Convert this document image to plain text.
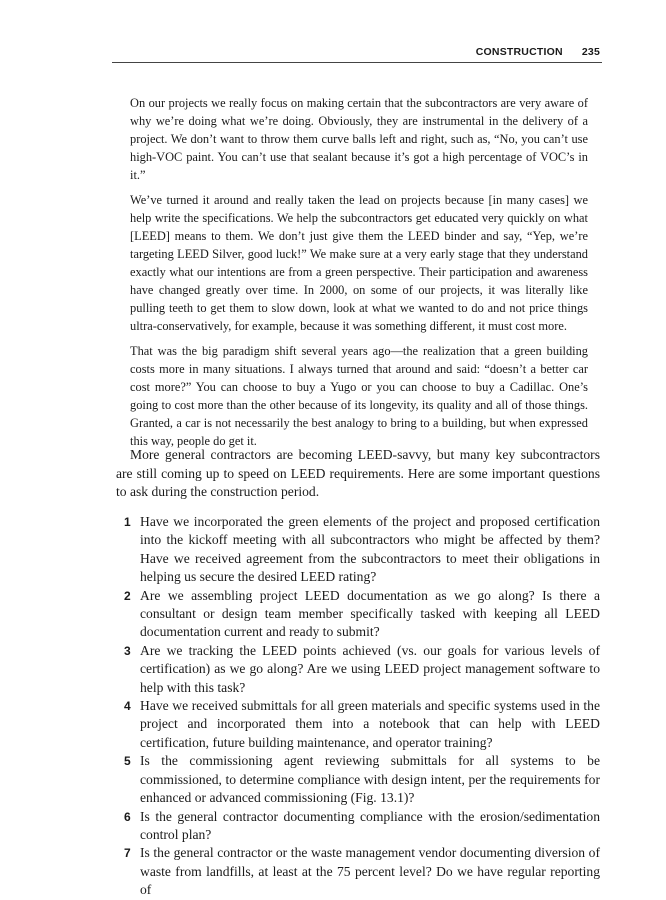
CONSTRUCTION 235

On our projects we really focus on making certain that the subcontractors are very aware of why we’re doing what we’re doing. Obviously, they are instrumental in the delivery of a project. We don’t want to throw them curve balls left and right, such as, “No, you can’t use high-VOC paint. You can’t use that sealant because it’s got a high percentage of VOC’s in it.”

We’ve turned it around and really taken the lead on projects because [in many cases] we help write the specifications. We help the subcontractors get educated very quickly on what [LEED] means to them. We don’t just give them the LEED binder and say, “Yep, we’re targeting LEED Silver, good luck!” We make sure at a very early stage that they understand exactly what our intentions are from a green perspective. Their participation and awareness have changed greatly over time. In 2000, on some of our projects, it was literally like pulling teeth to get them to slow down, look at what we wanted to do and not price things ultra-conservatively, for example, because it was something different, it must cost more.

That was the big paradigm shift several years ago—the realization that a green building costs more in many situations. I always turned that around and said: “doesn’t a better car cost more?” You can choose to buy a Yugo or you can choose to buy a Cadillac. One’s going to cost more than the other because of its longevity, its quality and all of those things. Granted, a car is not necessarily the best analogy to bring to a building, but when expressed this way, people do get it.

More general contractors are becoming LEED-savvy, but many key subcontractors are still coming up to speed on LEED requirements. Here are some important questions to ask during the construction period.

1 Have we incorporated the green elements of the project and proposed certification into the kickoff meeting with all subcontractors who might be affected by them? Have we received agreement from the subcontractors to meet their obligations in helping us secure the desired LEED rating?
2 Are we assembling project LEED documentation as we go along? Is there a consultant or design team member specifically tasked with keeping all LEED documentation current and ready to submit?
3 Are we tracking the LEED points achieved (vs. our goals for various levels of certification) as we go along? Are we using LEED project management software to help with this task?
4 Have we received submittals for all green materials and specific systems used in the project and incorporated them into a notebook that can help with LEED certification, future building maintenance, and operator training?
5 Is the commissioning agent reviewing submittals for all systems to be commissioned, to determine compliance with design intent, per the requirements for enhanced or advanced commissioning (Fig. 13.1)?
6 Is the general contractor documenting compliance with the erosion/sedimentation control plan?
7 Is the general contractor or the waste management vendor documenting diversion of waste from landfills, at least at the 75 percent level? Do we have regular reporting of
